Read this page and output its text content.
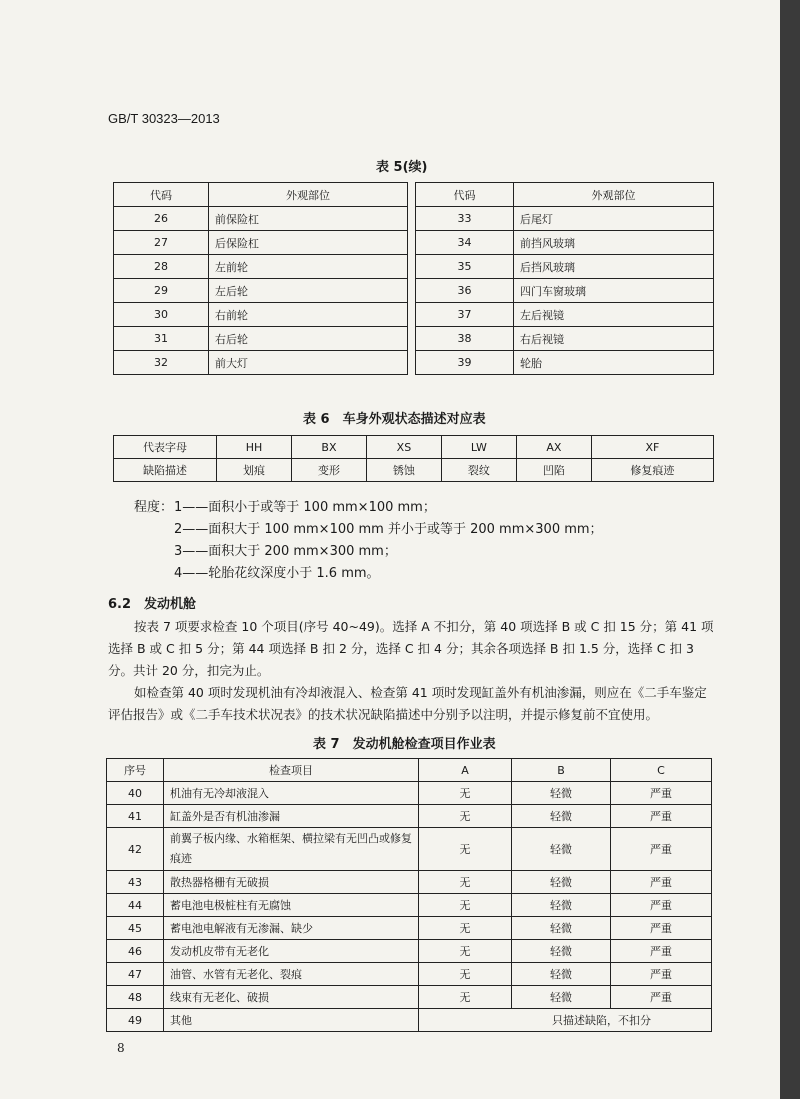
GB/T 30323—2013
表 5(续)
代码	外观部位
26	前保险杠
27	后保险杠
28	左前轮
29	左后轮
30	右前轮
31	右后轮
32	前大灯
代码	外观部位
33	后尾灯
34	前挡风玻璃
35	后挡风玻璃
36	四门车窗玻璃
37	左后视镜
38	右后视镜
39	轮胎
表 6　车身外观状态描述对应表
代表字母	HH	BX	XS	LW	AX	XF
缺陷描述	划痕	变形	锈蚀	裂纹	凹陷	修复痕迹
程度： 1——面积小于或等于 100 mm×100 mm；
2——面积大于 100 mm×100 mm 并小于或等于 200 mm×300 mm；
3——面积大于 200 mm×300 mm；
4——轮胎花纹深度小于 1.6 mm。
6.2　发动机舱
按表 7 项要求检查 10 个项目(序号 40~49)。选择 A 不扣分，第 40 项选择 B 或 C 扣 15 分；第 41 项选择 B 或 C 扣 5 分；第 44 项选择 B 扣 2 分，选择 C 扣 4 分；其余各项选择 B 扣 1.5 分，选择 C 扣 3 分。共计 20 分，扣完为止。
如检查第 40 项时发现机油有冷却液混入、检查第 41 项时发现缸盖外有机油渗漏，则应在《二手车鉴定评估报告》或《二手车技术状况表》的技术状况缺陷描述中分别予以注明，并提示修复前不宜使用。
表 7　发动机舱检查项目作业表
序号	检查项目	A	B	C
40	机油有无冷却液混入	无	轻微	严重
41	缸盖外是否有机油渗漏	无	轻微	严重
42	前翼子板内缘、水箱框架、横拉梁有无凹凸或修复痕迹	无	轻微	严重
43	散热器格栅有无破损	无	轻微	严重
44	蓄电池电极桩柱有无腐蚀	无	轻微	严重
45	蓄电池电解液有无渗漏、缺少	无	轻微	严重
46	发动机皮带有无老化	无	轻微	严重
47	油管、水管有无老化、裂痕	无	轻微	严重
48	线束有无老化、破损	无	轻微	严重
49	其他	只描述缺陷，不扣分		
8
